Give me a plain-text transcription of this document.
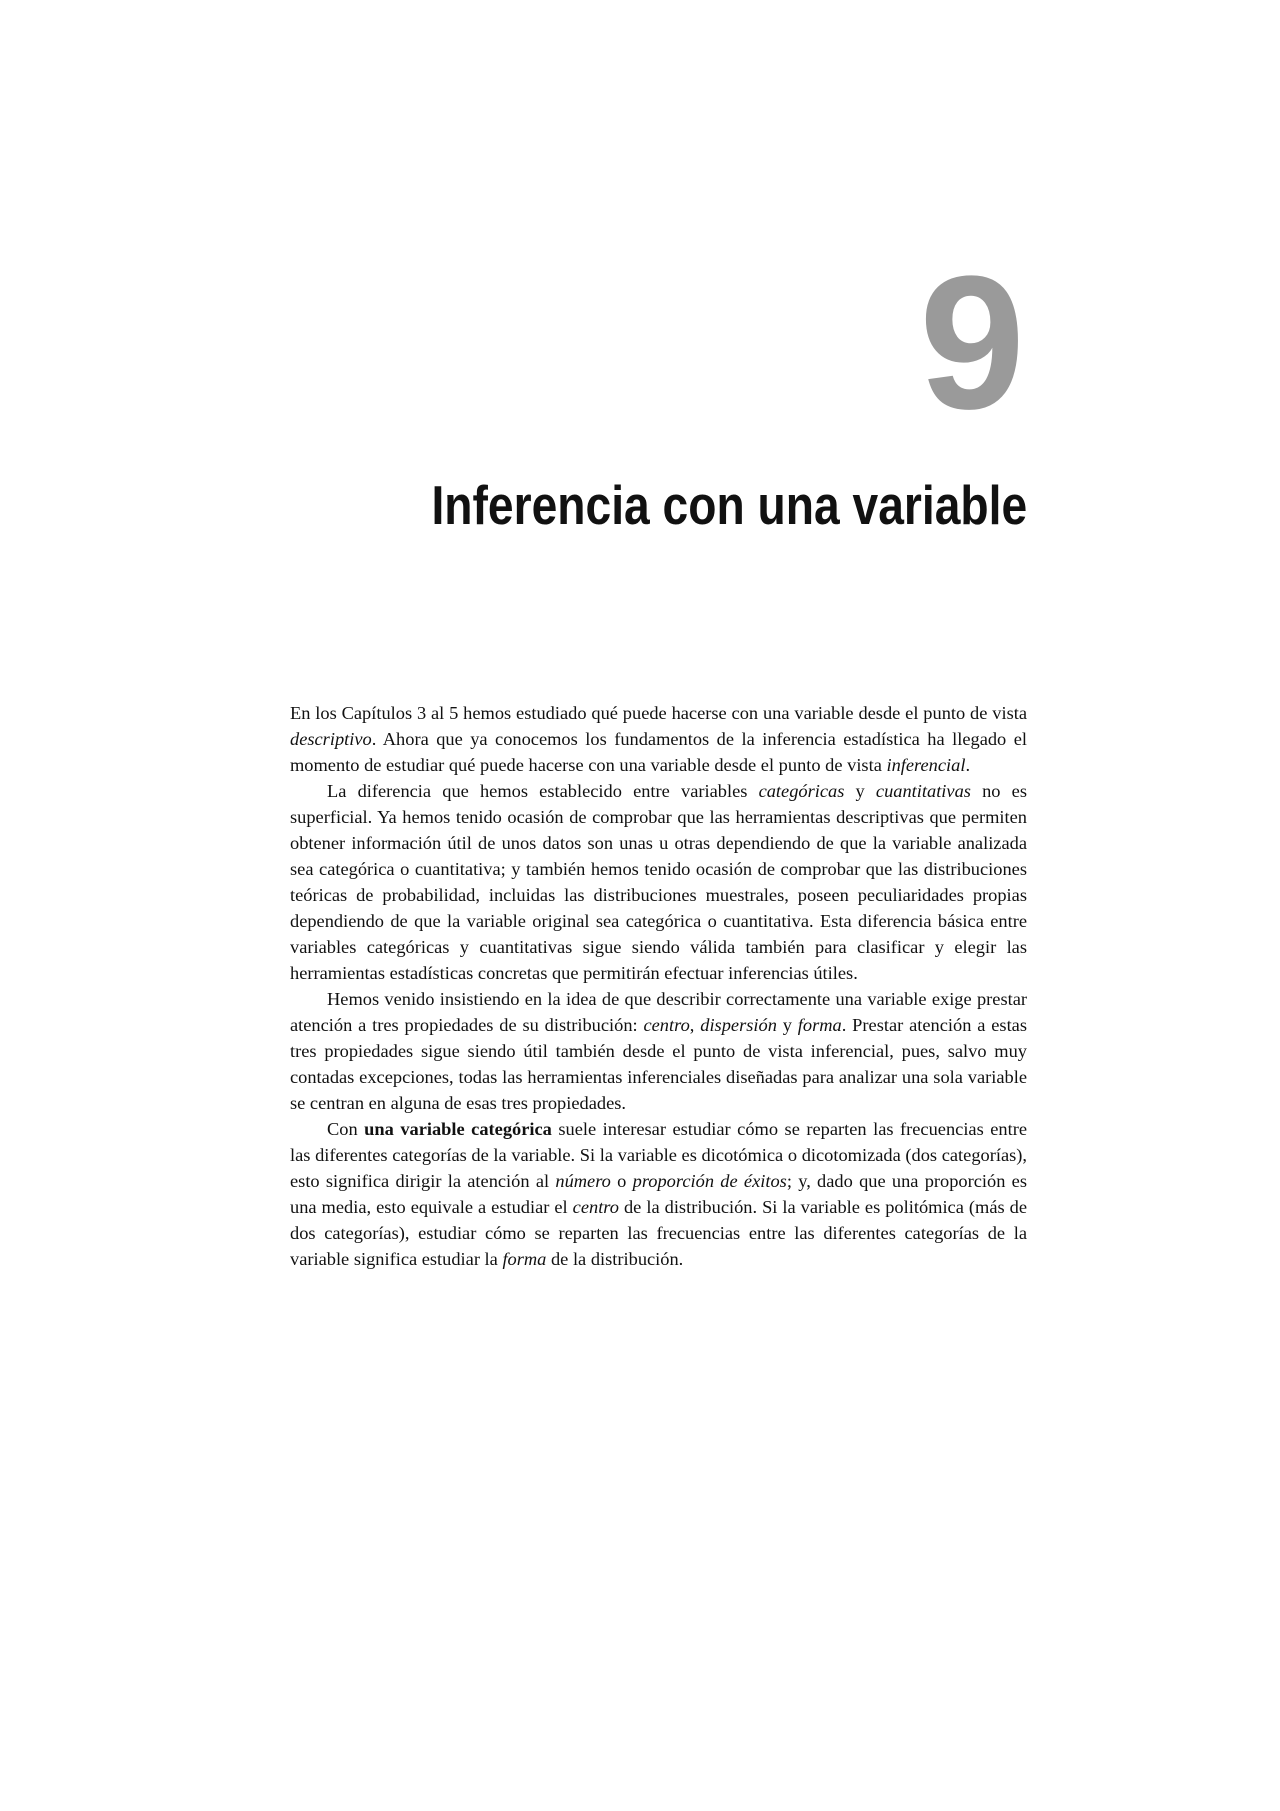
9
Inferencia con una variable

En los Capítulos 3 al 5 hemos estudiado qué puede hacerse con una variable desde el punto de vista descriptivo. Ahora que ya conocemos los fundamentos de la inferencia estadística ha llegado el momento de estudiar qué puede hacerse con una variable desde el punto de vista inferencial.

La diferencia que hemos establecido entre variables categóricas y cuantitativas no es superficial. Ya hemos tenido ocasión de comprobar que las herramientas descriptivas que permiten obtener información útil de unos datos son unas u otras dependiendo de que la variable analizada sea categórica o cuantitativa; y también hemos tenido ocasión de comprobar que las distribuciones teóricas de probabilidad, incluidas las distribuciones muestrales, poseen peculiaridades propias dependiendo de que la variable original sea categórica o cuantitativa. Esta diferencia básica entre variables categóricas y cuantitativas sigue siendo válida también para clasificar y elegir las herramientas estadísticas concretas que permitirán efectuar inferencias útiles.

Hemos venido insistiendo en la idea de que describir correctamente una variable exige prestar atención a tres propiedades de su distribución: centro, dispersión y forma. Prestar atención a estas tres propiedades sigue siendo útil también desde el punto de vista inferencial, pues, salvo muy contadas excepciones, todas las herramientas inferenciales diseñadas para analizar una sola variable se centran en alguna de esas tres propiedades.

Con una variable categórica suele interesar estudiar cómo se reparten las frecuencias entre las diferentes categorías de la variable. Si la variable es dicotómica o dicotomizada (dos categorías), esto significa dirigir la atención al número o proporción de éxitos; y, dado que una proporción es una media, esto equivale a estudiar el centro de la distribución. Si la variable es politómica (más de dos categorías), estudiar cómo se reparten las frecuencias entre las diferentes categorías de la variable significa estudiar la forma de la distribución.
